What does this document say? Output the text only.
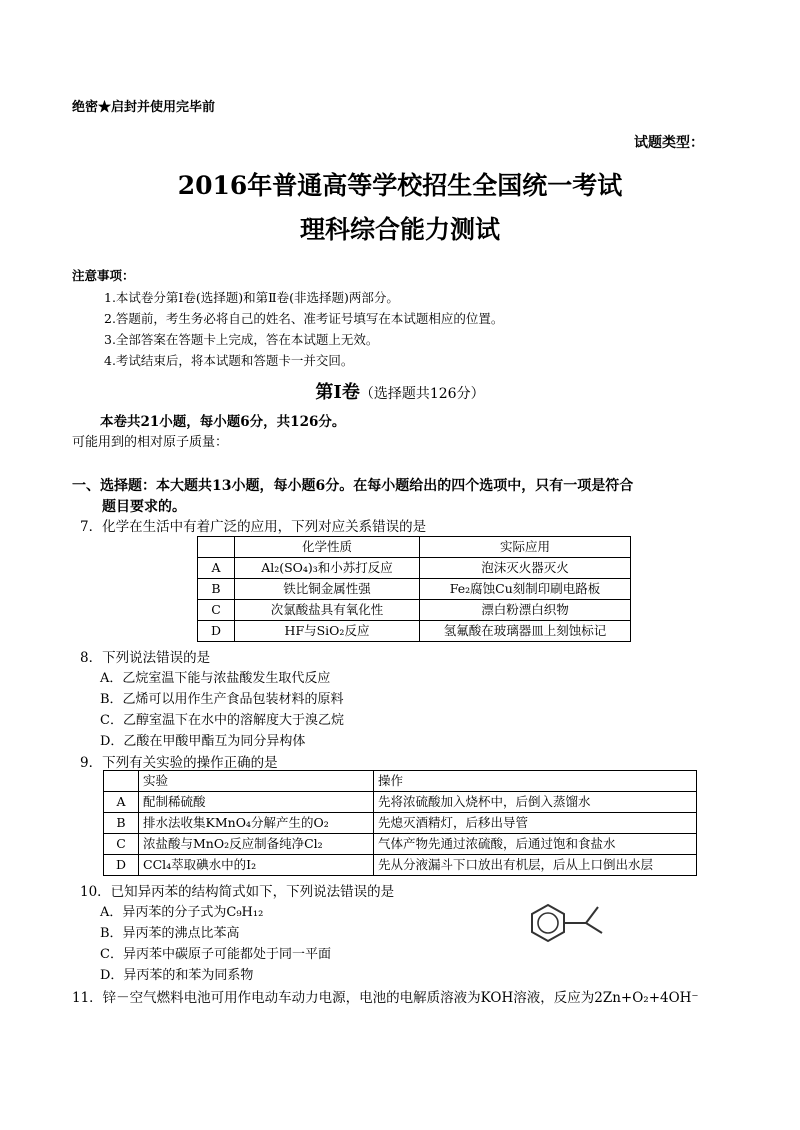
绝密★启封并使用完毕前
试题类型：
2016年普通高等学校招生全国统一考试
理科综合能力测试
注意事项：
1.本试卷分第Ⅰ卷(选择题)和第Ⅱ卷(非选择题)两部分。
2.答题前，考生务必将自己的姓名、准考证号填写在本试题相应的位置。
3.全部答案在答题卡上完成，答在本试题上无效。
4.考试结束后，将本试题和答题卡一并交回。
第Ⅰ卷（选择题共126分）
本卷共21小题，每小题6分，共126分。
可能用到的相对原子质量：
一、选择题：本大题共13小题，每小题6分。在每小题给出的四个选项中，只有一项是符合
题目要求的。
7．化学在生活中有着广泛的应用，下列对应关系错误的是
	化学性质	实际应用
A	Al₂(SO₄)₃和小苏打反应	泡沫灭火器灭火
B	铁比铜金属性强	Fe₂腐蚀Cu刻制印刷电路板
C	次氯酸盐具有氧化性	漂白粉漂白织物
D	HF与SiO₂反应	氢氟酸在玻璃器皿上刻蚀标记
8．下列说法错误的是
A．乙烷室温下能与浓盐酸发生取代反应
B．乙烯可以用作生产食品包装材料的原料
C．乙醇室温下在水中的溶解度大于溴乙烷
D．乙酸在甲酸甲酯互为同分异构体
9．下列有关实验的操作正确的是
	实验	操作
A	配制稀硫酸	先将浓硫酸加入烧杯中，后倒入蒸馏水
B	排水法收集KMnO₄分解产生的O₂	先熄灭酒精灯，后移出导管
C	浓盐酸与MnO₂反应制备纯净Cl₂	气体产物先通过浓硫酸，后通过饱和食盐水
D	CCl₄萃取碘水中的I₂	先从分液漏斗下口放出有机层，后从上口倒出水层
10．已知异丙苯的结构简式如下，下列说法错误的是
A．异丙苯的分子式为C₉H₁₂
B．异丙苯的沸点比苯高
C．异丙苯中碳原子可能都处于同一平面
D．异丙苯的和苯为同系物
11．锌－空气燃料电池可用作电动车动力电源，电池的电解质溶液为KOH溶液，反应为2Zn+O₂+4OH⁻
